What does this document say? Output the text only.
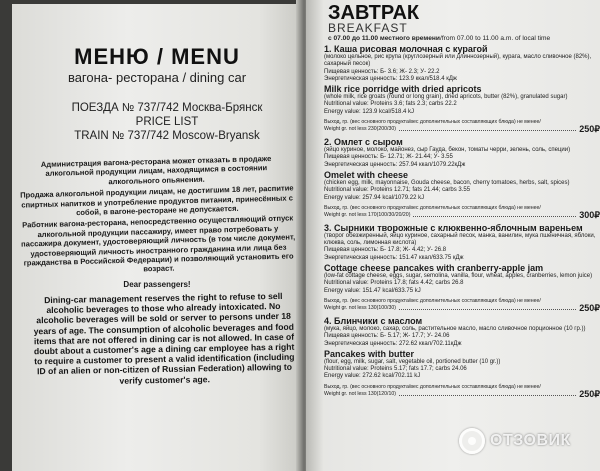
МЕНЮ / MENU
вагона- ресторана / dining car
ПОЕЗДА № 737/742 Москва-Брянск
PRICE LIST
TRAIN № 737/742 Moscow-Bryansk

Администрация вагона-ресторана может отказать в продаже алкогольной продукции лицам, находящимся в состоянии алкогольного опьянения.

Продажа алкогольной продукции лицам, не достигшим 18 лет, распитие спиртных напитков и употребление продуктов питания, принесённых с собой, в вагоне-ресторане не допускается.

Работник вагона-ресторана, непосредственно осуществляющий отпуск алкогольной продукции пассажиру, имеет право потребовать у пассажира документ, удостоверяющий личность (в том числе документ, удостоверяющий личность иностранного гражданина или лица без гражданства в Российской Федерации) и позволяющий установить его возраст.

Dear passengers!
Dining-car management reserves the right to refuse to sell alcoholic beverages to those who already intoxicated. No alcoholic beverages will be sold or server to persons under 18 years of age. The consumption of alcoholic beverages and food items that are not offered in dining car is not allowed. In case of doubt about a customer's age a dining car employee has a right to require a customer to present a valid identification (including ID of an alien or non-citizen of Russian Federation) allowing to verify customer's age.
ЗАВТРАК
BREAKFAST
с 07.00 до 11.00 местного времени/from 07.00 to 11.00 a.m. of local time
1. Каша рисовая молочная с курагой
(молоко цельное, рис крупа (круглозерный или длиннозерный), курага, масло сливочное (82%), сахарный песок)
Пищевая ценность: Б- 3.6; Ж- 2.3; У- 22.2
Энергетическая ценность: 123.9 ккал/518.4 кДж
Milk rice porridge with dried apricots
(whole milk, rice groats (round or long grain), dried apricots, butter (82%), granulated sugar)
Nutritional value: Proteins 3.6; fats 2.3; carbs 22.2
Energy value: 123.9 kcal/518.4 kJ
Выход, гр. (вес основного продукта/вес дополнительных составляющих блюда) не менее/
Weight gr. not less 230(200/30)	250₽
2. Омлет с сыром
(яйцо куриное, молоко, майонез, сыр Гауда, бекон, томаты черри, зелень, соль, специи)
Пищевая ценность: Б- 12.71; Ж- 21.44; У- 3.55
Энергетическая ценность: 257.94 ккал/1079.22кДж
Omelet with cheese
(chicken egg, milk, mayonnaise, Gouda cheese, bacon, cherry tomatoes, herbs, salt, spices)
Nutritional value: Proteins 12.71; fats 21.44; carbs 3.55
Energy value: 257.94 kcal/1079.22 kJ
Выход, гр. (вес основного продукта/вес дополнительных составляющих блюда) не менее/
Weight gr. not less 170(100/30/20/20)	300₽
3. Сырники творожные с клюквенно-яблочным вареньем
(творог обезжиренный, яйцо куриное, сахарный песок, манка, ванилин, мука пшеничная, яблоки, клюква, соль, лимонная кислота)
Пищевая ценность: Б- 17.8; Ж- 4.42; У- 26.8
Энергетическая ценность: 151.47 ккал/633.75 кДж
Cottage cheese pancakes with cranberry-apple jam
(low-fat cottage cheese, eggs, sugar, semolina, vanilla, flour, wheat, apples, cranberries, lemon juice)
Nutritional value: Proteins 17.8; fats 4.42; carbs 26.8
Energy value: 151.47 kcal/633.75 kJ
Выход, гр. (вес основного продукта/вес дополнительных составляющих блюда) не менее/
Weight gr. not less 130(100/30)	250₽
4. Блинчики с маслом
(мука, яйцо, молоко, сахар, соль, растительное масло, масло сливочное порционное (10 гр.))
Пищевая ценность: Б- 5.17; Ж- 17.7; У- 24.06
Энергетическая ценность: 272.62 ккал/702.11кДж
Pancakes with butter
(flour, egg, milk, sugar, salt, vegetable oil, portioned butter (10 gr.))
Nutritional value: Proteins 5.17; fats 17.7; carbs 24.06
Energy value: 272.62 kcal/702.11 kJ
Выход, гр. (вес основного продукта/вес дополнительных составляющих блюда) не менее/
Weight gr. not less 130(120/10)	250₽
ОТЗОВИК
